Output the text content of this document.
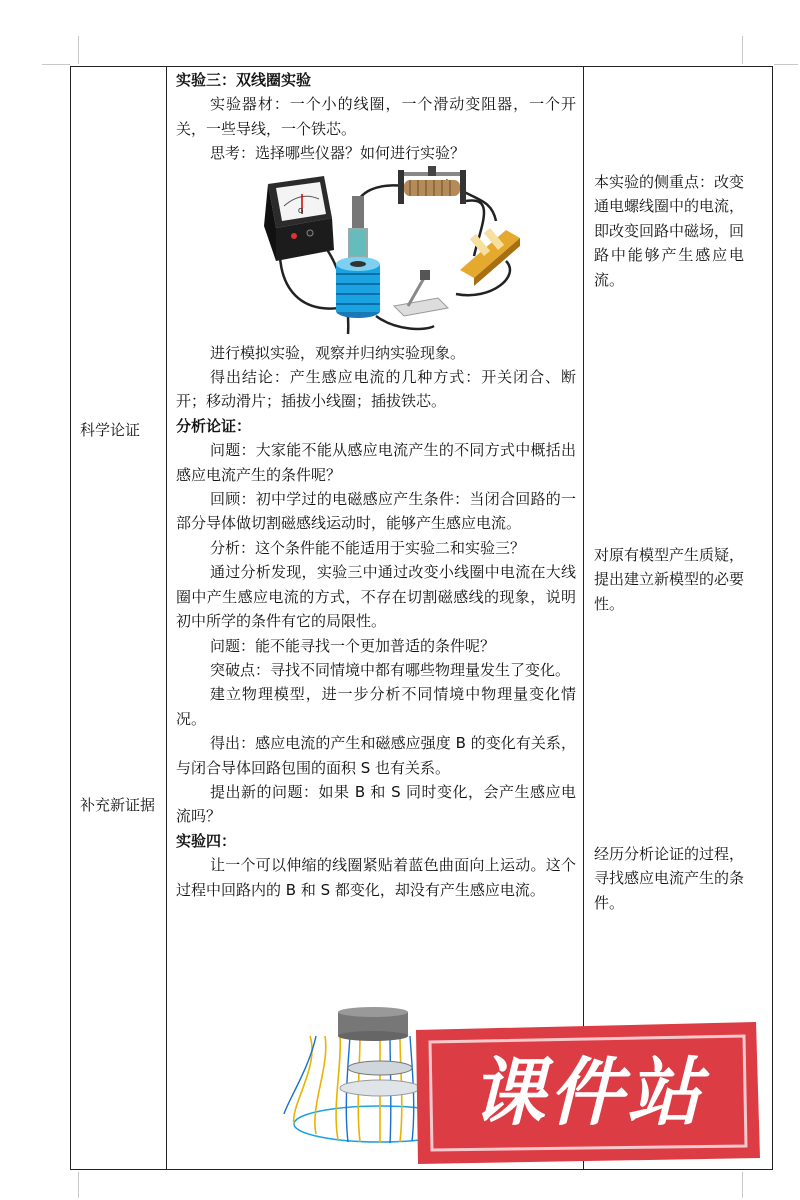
科学论证
补充新证据

实验三：双线圈实验

实验器材：一个小的线圈，一个滑动变阻器，一个开关，一些导线，一个铁芯。

思考：选择哪些仪器？如何进行实验？

G

进行模拟实验，观察并归纳实验现象。

得出结论：产生感应电流的几种方式：开关闭合、断开；移动滑片；插拔小线圈；插拔铁芯。

分析论证：

问题：大家能不能从感应电流产生的不同方式中概括出感应电流产生的条件呢？

回顾：初中学过的电磁感应产生条件：当闭合回路的一部分导体做切割磁感线运动时，能够产生感应电流。

分析：这个条件能不能适用于实验二和实验三？

通过分析发现，实验三中通过改变小线圈中电流在大线圈中产生感应电流的方式，不存在切割磁感线的现象，说明初中所学的条件有它的局限性。

问题：能不能寻找一个更加普适的条件呢？

突破点：寻找不同情境中都有哪些物理量发生了变化。

建立物理模型，进一步分析不同情境中物理量变化情况。

得出：感应电流的产生和磁感应强度 B 的变化有关系，与闭合导体回路包围的面积 S 也有关系。

提出新的问题：如果 B 和 S 同时变化，会产生感应电流吗？

实验四：

让一个可以伸缩的线圈紧贴着蓝色曲面向上运动。这个过程中回路内的 B 和 S 都变化，却没有产生感应电流。

本实验的侧重点：改变通电螺线圈中的电流，即改变回路中磁场，回路中能够产生感应电流。
对原有模型产生质疑，提出建立新模型的必要性。
经历分析论证的过程，寻找感应电流产生的条件。
课件站
